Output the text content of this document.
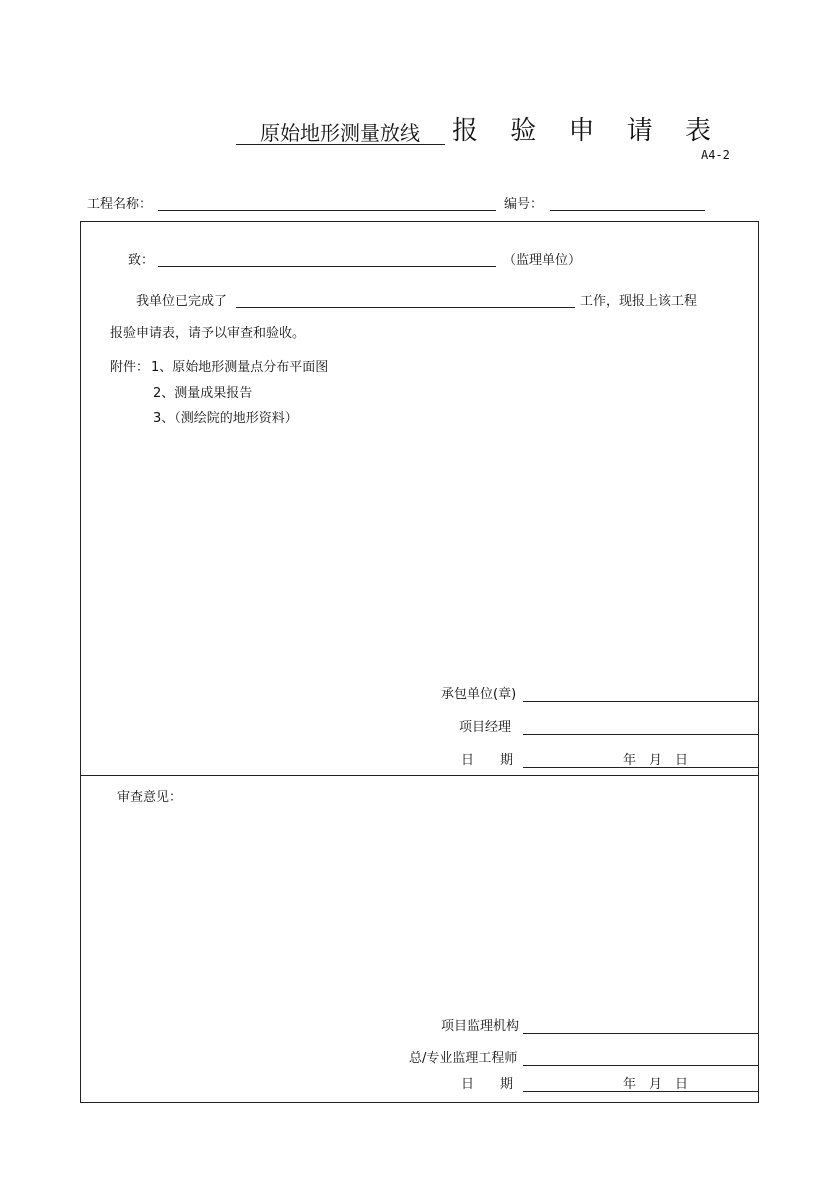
原始地形测量放线 报 验 申 请 表
A4-2
工程名称：	编号：
致：	（监理单位）
我单位已完成了	工作，现报上该工程
报验申请表，请予以审查和验收。
附件： 1、原始地形测量点分布平面图
2、测量成果报告
3、（测绘院的地形资料）
承包单位(章)
项目经理
日　　期	年　月　日
审查意见：
项目监理机构
总/专业监理工程师
日　　期	年　月　日
